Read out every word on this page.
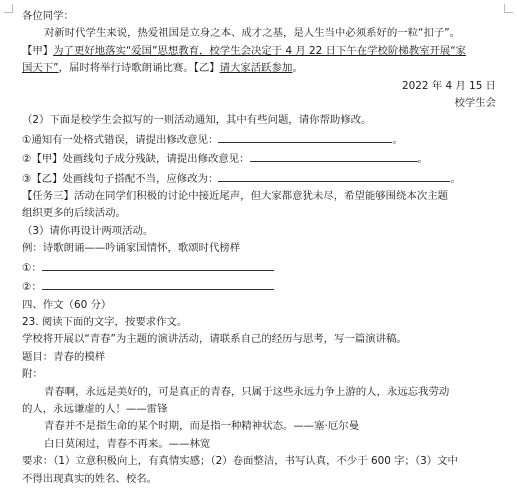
各位同学：
对新时代学生来说，热爱祖国是立身之本、成才之基，是人生当中必须系好的一粒“扣子”。
【甲】为了更好地落实“爱国”思想教育，校学生会决定于 4 月 22 日下午在学校阶梯教室开展“家
国天下”，届时将举行诗歌朗诵比赛。【乙】请大家活跃参加。
2022 年 4 月 15 日
校学生会
（2）下面是校学生会拟写的一则活动通知，其中有些问题，请你帮助修改。
①通知有一处格式错误，请提出修改意见：	。
②【甲】处画线句子成分残缺，请提出修改意见：	。
③【乙】处画线句子搭配不当，应修改为：	。
【任务三】活动在同学们积极的讨论中接近尾声，但大家都意犹未尽，希望能够围绕本次主题
组织更多的后续活动。
（3）请你再设计两项活动。
例：诗歌朗诵——吟诵家国情怀，歌颂时代榜样
①：
②：
四、作文（60 分）
23. 阅读下面的文字，按要求作文。
学校将开展以“青春”为主题的演讲活动，请联系自己的经历与思考，写一篇演讲稿。
题目：青春的模样
附：
青春啊，永远是美好的，可是真正的青春，只属于这些永远力争上游的人，永远忘我劳动
的人，永远谦虚的人！——雷锋
青春并不是指生命的某个时期，而是指一种精神状态。——塞·厄尔曼
白日莫闲过，青春不再来。——林宽
要求：（1）立意积极向上，有真情实感；（2）卷面整洁，书写认真，不少于 600 字；（3）文中
不得出现真实的姓名、校名。
